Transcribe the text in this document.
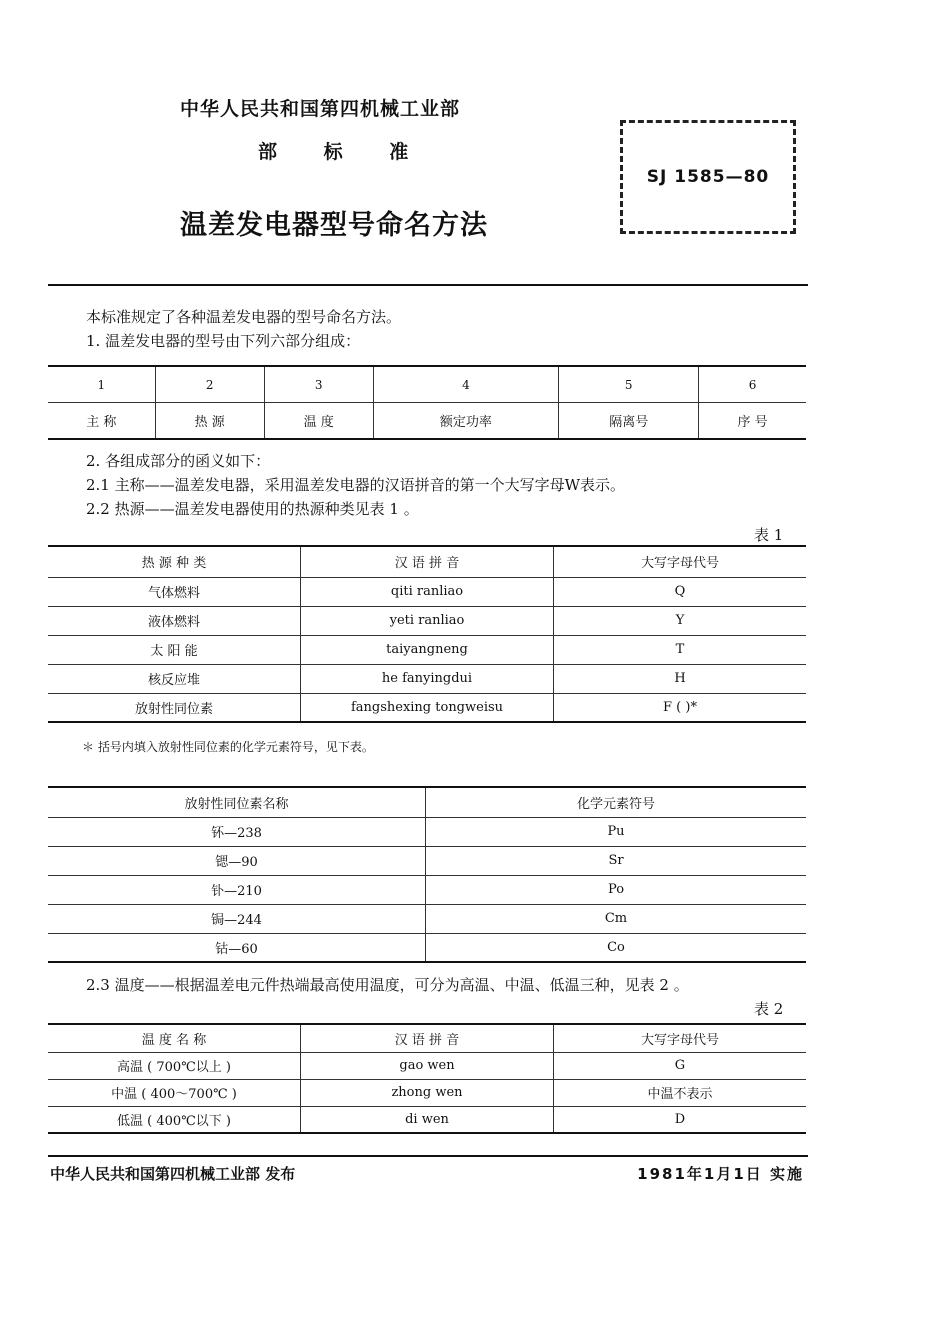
中华人民共和国第四机械工业部
部 标 准
温差发电器型号命名方法
SJ 1585—80
本标准规定了各种温差发电器的型号命名方法。
1. 温差发电器的型号由下列六部分组成：
1	2	3	4	5	6
主 称	热 源	温 度	额定功率	隔离号	序 号
2. 各组成部分的函义如下：
2.1 主称——温差发电器，采用温差发电器的汉语拼音的第一个大写字母W表示。
2.2 热源——温差发电器使用的热源种类见表 1 。
表 1
热 源 种 类	汉 语 拼 音	大写字母代号
气体燃料	qiti ranliao	Q
液体燃料	yeti ranliao	Y
太 阳 能	taiyangneng	T
核反应堆	he fanyingdui	H
放射性同位素	fangshexing tongweisu	F ( )*
＊ 括号内填入放射性同位素的化学元素符号，见下表。
放射性同位素名称	化学元素符号
钚—238	Pu
锶—90	Sr
钋—210	Po
锔—244	Cm
钴—60	Co
2.3 温度——根据温差电元件热端最高使用温度，可分为高温、中温、低温三种，见表 2 。
表 2
温 度 名 称	汉 语 拼 音	大写字母代号
高温 ( 700℃以上 )	gao wen	G
中温 ( 400～700℃ )	zhong wen	中温不表示
低温 ( 400℃以下 )	di wen	D
中华人民共和国第四机械工业部 发布	1981年1月1日 实施
